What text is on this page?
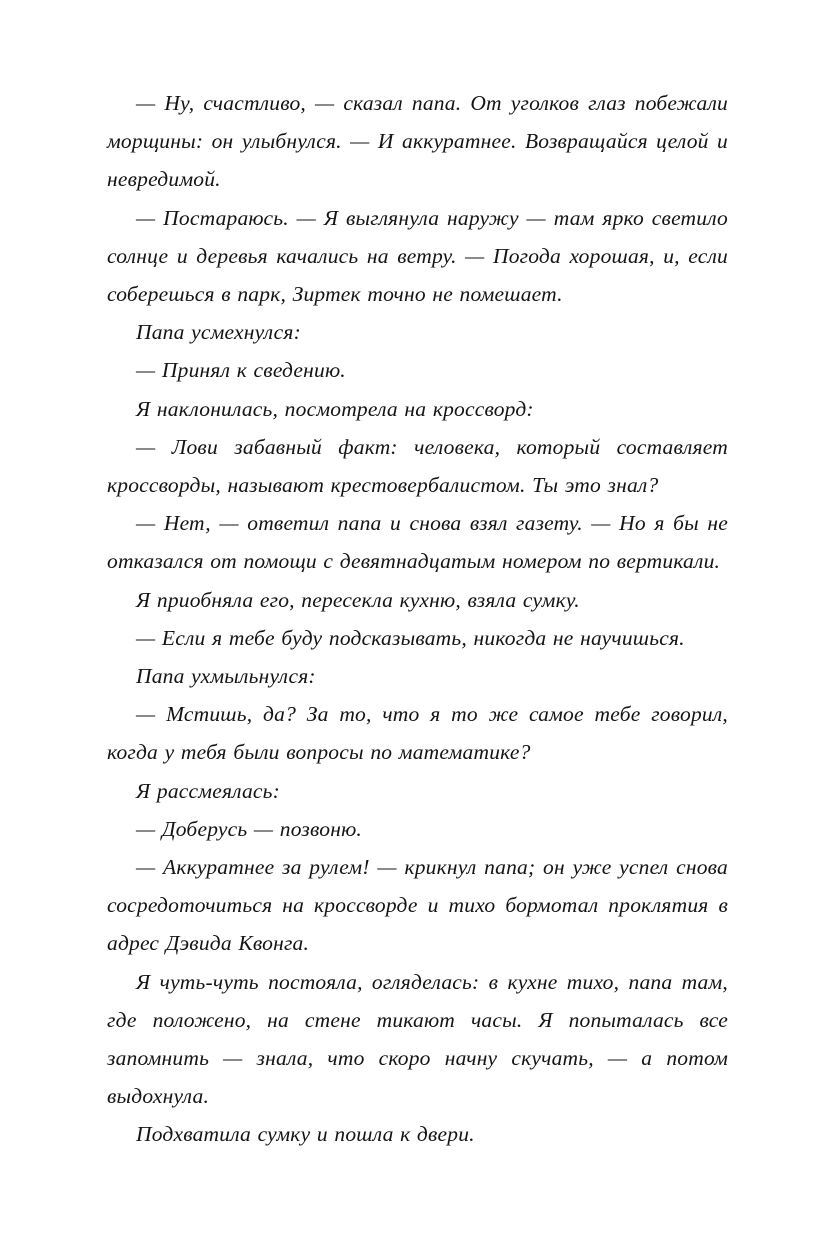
— Ну, счастливо, — сказал папа. От уголков глаз побежали морщины: он улыбнулся. — И аккуратнее. Возвращайся целой и невредимой.

— Постараюсь. — Я выглянула наружу — там ярко светило солнце и деревья качались на ветру. — Погода хорошая, и, если соберешься в парк, Зиртек точно не помешает.

Папа усмехнулся:

— Принял к сведению.

Я наклонилась, посмотрела на кроссворд:

— Лови забавный факт: человека, который составляет кроссворды, называют крестовербалистом. Ты это знал?

— Нет, — ответил папа и снова взял газету. — Но я бы не отказался от помощи с девятнадцатым номером по вертикали.

Я приобняла его, пересекла кухню, взяла сумку.

— Если я тебе буду подсказывать, никогда не научишься.

Папа ухмыльнулся:

— Мстишь, да? За то, что я то же самое тебе говорил, когда у тебя были вопросы по математике?

Я рассмеялась:

— Доберусь — позвоню.

— Аккуратнее за рулем! — крикнул папа; он уже успел снова сосредоточиться на кроссворде и тихо бормотал проклятия в адрес Дэвида Квонга.

Я чуть-чуть постояла, огляделась: в кухне тихо, папа там, где положено, на стене тикают часы. Я попыталась все запомнить — знала, что скоро начну скучать, — а потом выдохнула.

Подхватила сумку и пошла к двери.
